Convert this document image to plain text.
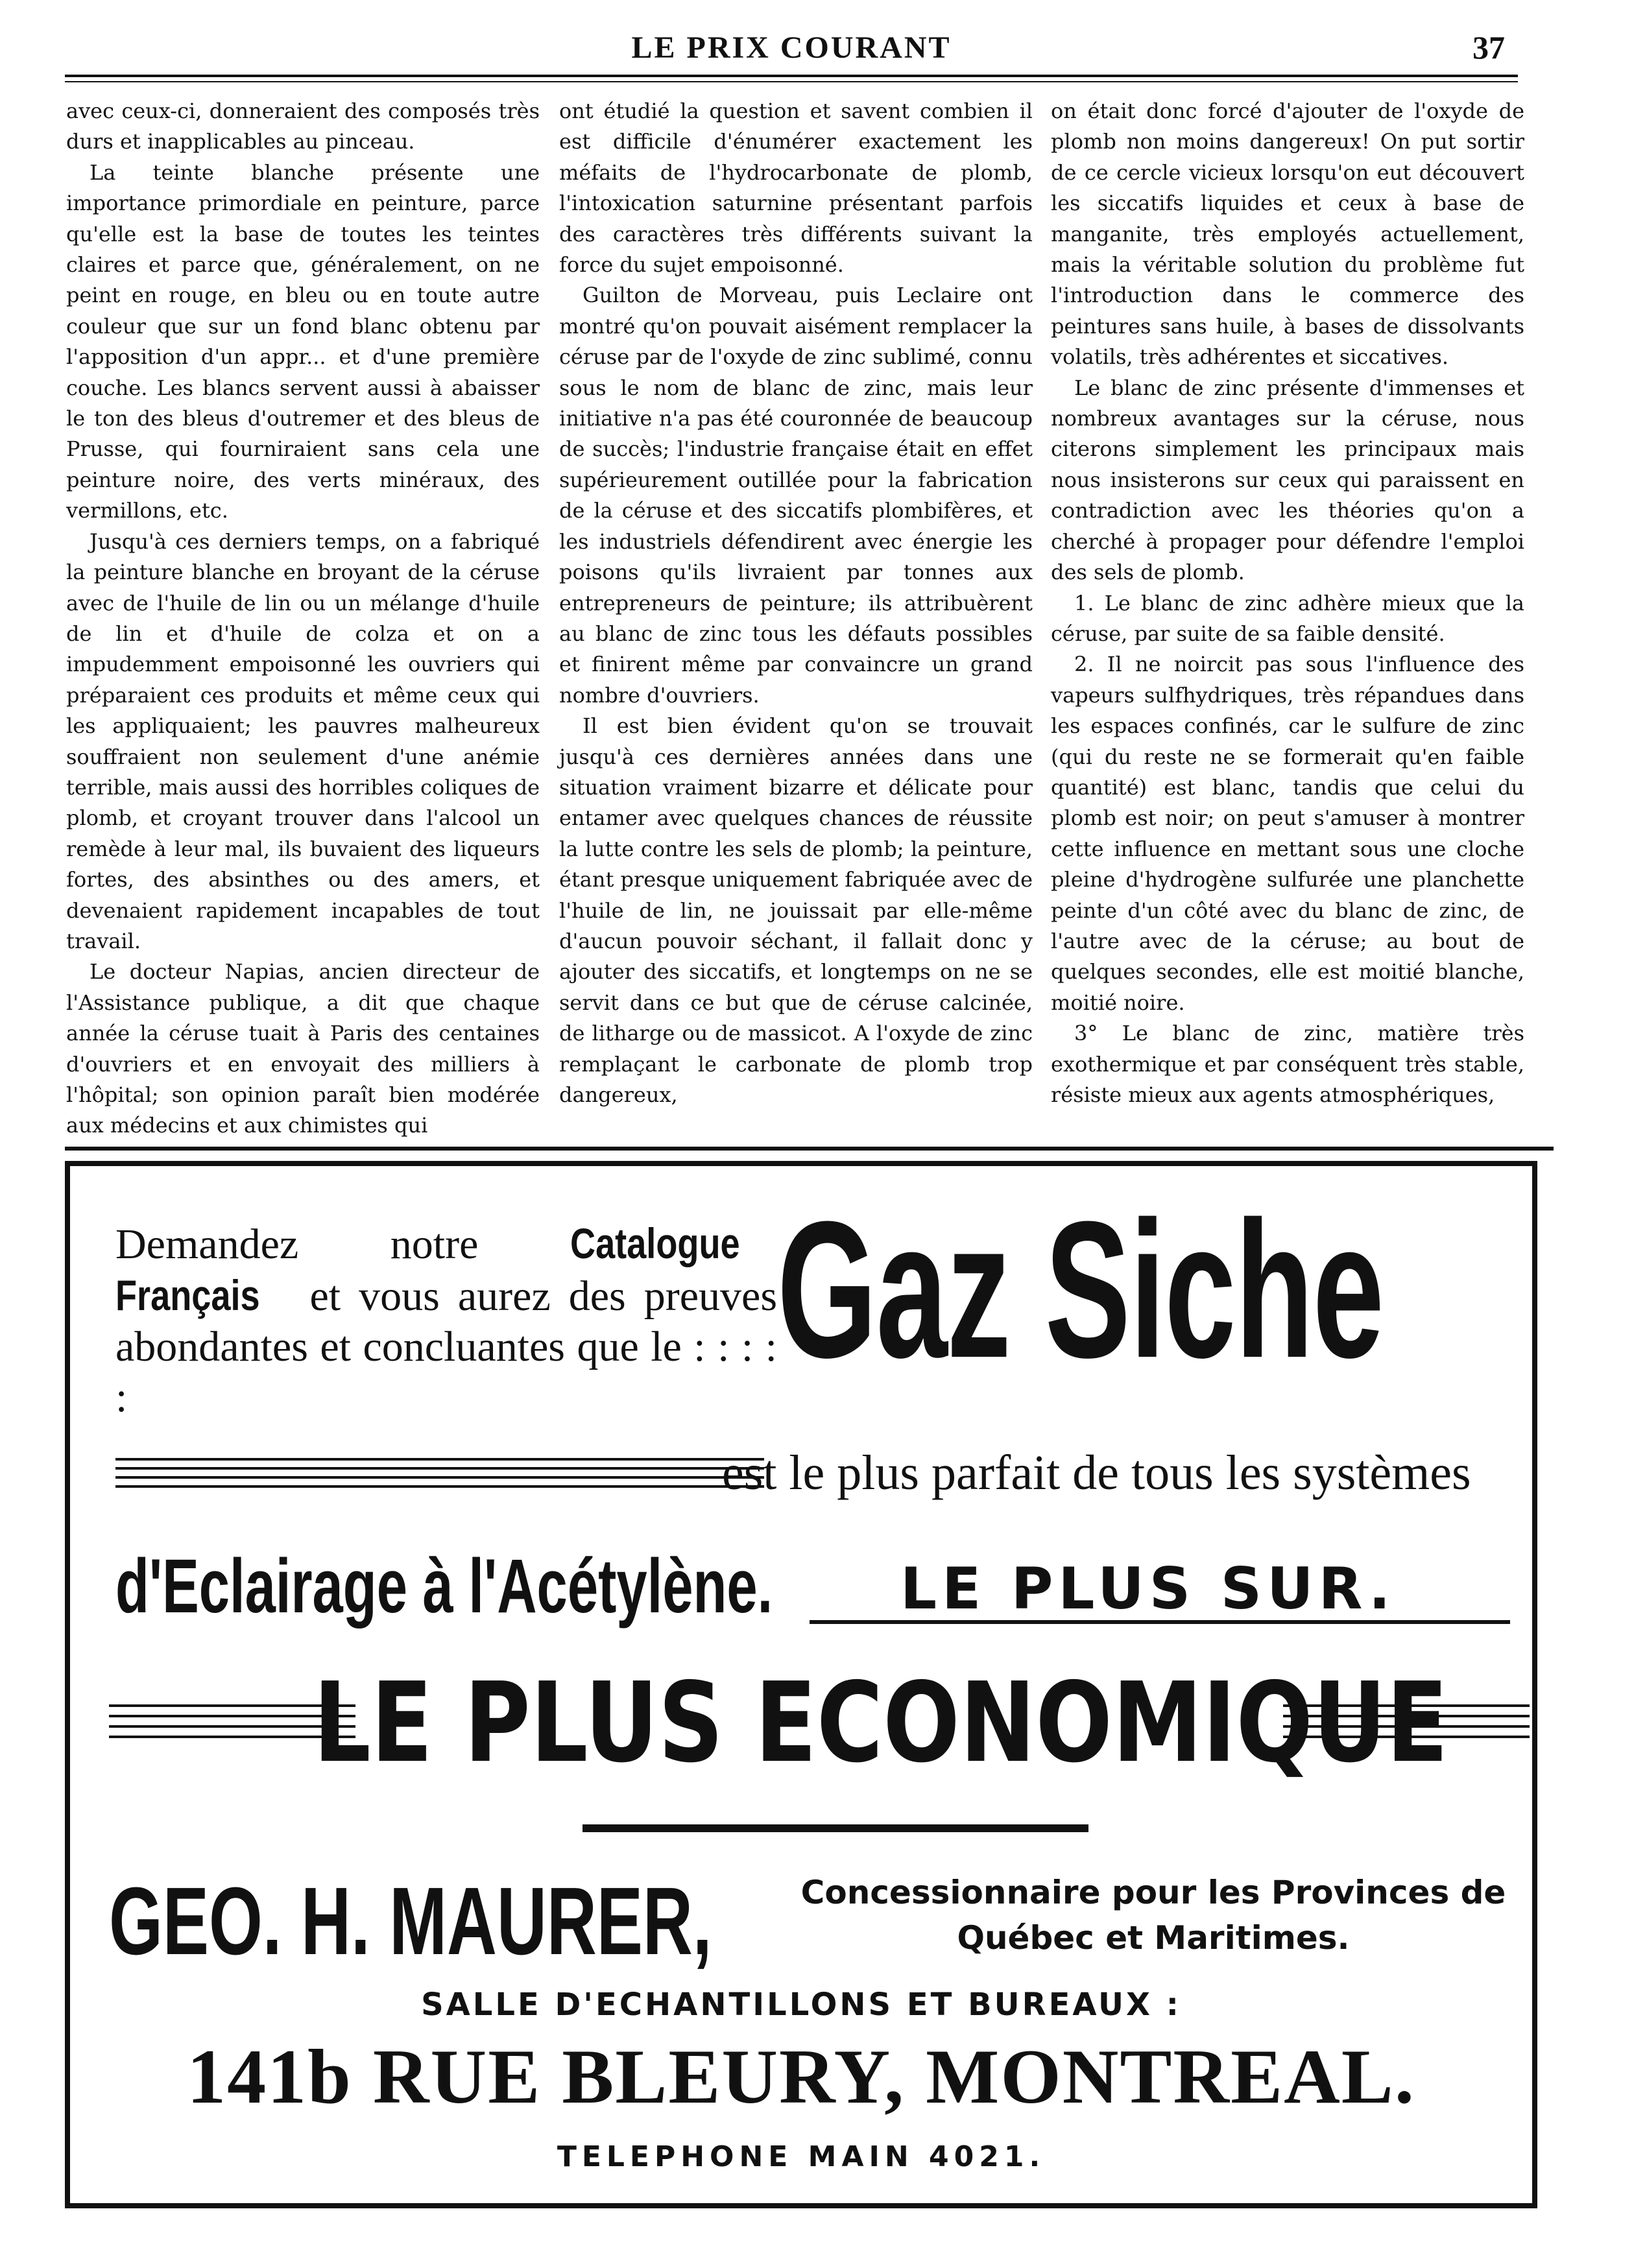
LE PRIX COURANT	37

avec ceux-ci, donneraient des composés très durs et inapplicables au pinceau.

La teinte blanche présente une importance primordiale en peinture, parce qu'elle est la base de toutes les teintes claires et parce que, généralement, on ne peint en rouge, en bleu ou en toute autre couleur que sur un fond blanc obtenu par l'apposition d'un appr... et d'une première couche. Les blancs servent aussi à abaisser le ton des bleus d'outremer et des bleus de Prusse, qui fourniraient sans cela une peinture noire, des verts minéraux, des vermillons, etc.

Jusqu'à ces derniers temps, on a fabriqué la peinture blanche en broyant de la céruse avec de l'huile de lin ou un mélange d'huile de lin et d'huile de colza et on a impudemment empoisonné les ouvriers qui préparaient ces produits et même ceux qui les appliquaient; les pauvres malheureux souffraient non seulement d'une anémie terrible, mais aussi des horribles coliques de plomb, et croyant trouver dans l'alcool un remède à leur mal, ils buvaient des liqueurs fortes, des absinthes ou des amers, et devenaient rapidement incapables de tout travail.

Le docteur Napias, ancien directeur de l'Assistance publique, a dit que chaque année la céruse tuait à Paris des centaines d'ouvriers et en envoyait des milliers à l'hôpital; son opinion paraît bien modérée aux médecins et aux chimistes qui

ont étudié la question et savent combien il est difficile d'énumérer exactement les méfaits de l'hydrocarbonate de plomb, l'intoxication saturnine présentant parfois des caractères très différents suivant la force du sujet empoisonné.

Guilton de Morveau, puis Leclaire ont montré qu'on pouvait aisément remplacer la céruse par de l'oxyde de zinc sublimé, connu sous le nom de blanc de zinc, mais leur initiative n'a pas été couronnée de beaucoup de succès; l'industrie française était en effet supérieurement outillée pour la fabrication de la céruse et des siccatifs plombifères, et les industriels défendirent avec énergie les poisons qu'ils livraient par tonnes aux entrepreneurs de peinture; ils attribuèrent au blanc de zinc tous les défauts possibles et finirent même par convaincre un grand nombre d'ouvriers.

Il est bien évident qu'on se trouvait jusqu'à ces dernières années dans une situation vraiment bizarre et délicate pour entamer avec quelques chances de réussite la lutte contre les sels de plomb; la peinture, étant presque uniquement fabriquée avec de l'huile de lin, ne jouissait par elle-même d'aucun pouvoir séchant, il fallait donc y ajouter des siccatifs, et longtemps on ne se servit dans ce but que de céruse calcinée, de litharge ou de massicot. A l'oxyde de zinc remplaçant le carbonate de plomb trop dangereux,

on était donc forcé d'ajouter de l'oxyde de plomb non moins dangereux! On put sortir de ce cercle vicieux lorsqu'on eut découvert les siccatifs liquides et ceux à base de manganite, très employés actuellement, mais la véritable solution du problème fut l'introduction dans le commerce des peintures sans huile, à bases de dissolvants volatils, très adhérentes et siccatives.

Le blanc de zinc présente d'immenses et nombreux avantages sur la céruse, nous citerons simplement les principaux mais nous insisterons sur ceux qui paraissent en contradiction avec les théories qu'on a cherché à propager pour défendre l'emploi des sels de plomb.

1. Le blanc de zinc adhère mieux que la céruse, par suite de sa faible densité.

2. Il ne noircit pas sous l'influence des vapeurs sulfhydriques, très répandues dans les espaces confinés, car le sulfure de zinc (qui du reste ne se formerait qu'en faible quantité) est blanc, tandis que celui du plomb est noir; on peut s'amuser à montrer cette influence en mettant sous une cloche pleine d'hydrogène sulfurée une planchette peinte d'un côté avec du blanc de zinc, de l'autre avec de la céruse; au bout de quelques secondes, elle est moitié blanche, moitié noire.

3° Le blanc de zinc, matière très exothermique et par conséquent très stable, résiste mieux aux agents atmosphériques,

Demandez notre Catalogue Français et vous aurez des preuves abondantes et concluantes que le : : : : :	Gaz Siche
est le plus parfait de tous les systèmes
d'Eclairage à l'Acétylène. LE PLUS SUR.
LE PLUS ECONOMIQUE
GEO. H. MAURER,	Concessionnaire pour les Provinces de
Québec et Maritimes.
SALLE D'ECHANTILLONS ET BUREAUX :
141b RUE BLEURY, MONTREAL.
TELEPHONE MAIN 4021.
